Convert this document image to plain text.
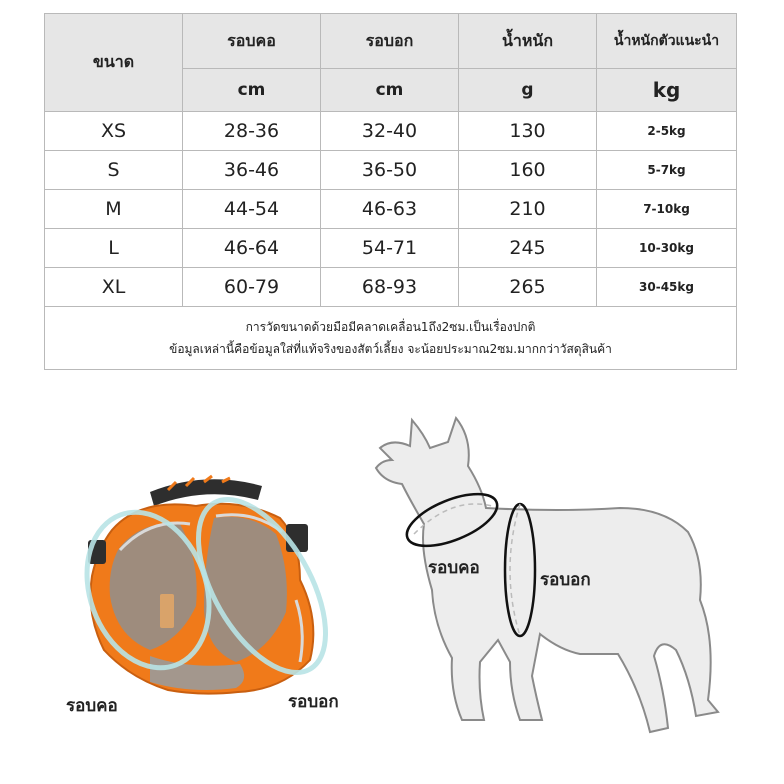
ขนาด	รอบคอ	รอบอก	น้ำหนัก	น้ำหนักตัวแนะนำ
	cm	cm	g	kg
XS	28-36	32-40	130	2-5kg
S	36-46	36-50	160	5-7kg
M	44-54	46-63	210	7-10kg
L	46-64	54-71	245	10-30kg
XL	60-79	68-93	265	30-45kg

การวัดขนาดด้วยมือมีคลาดเคลื่อน1ถึง2ซม.เป็นเรื่องปกติ
ข้อมูลเหล่านี้คือข้อมูลใส่ที่แท้จริงของสัตว์เลี้ยง จะน้อยประมาณ2ซม.มากกว่าวัสดุสินค้า				
รอบคอ	รอบอก
รอบคอ
รอบอก
